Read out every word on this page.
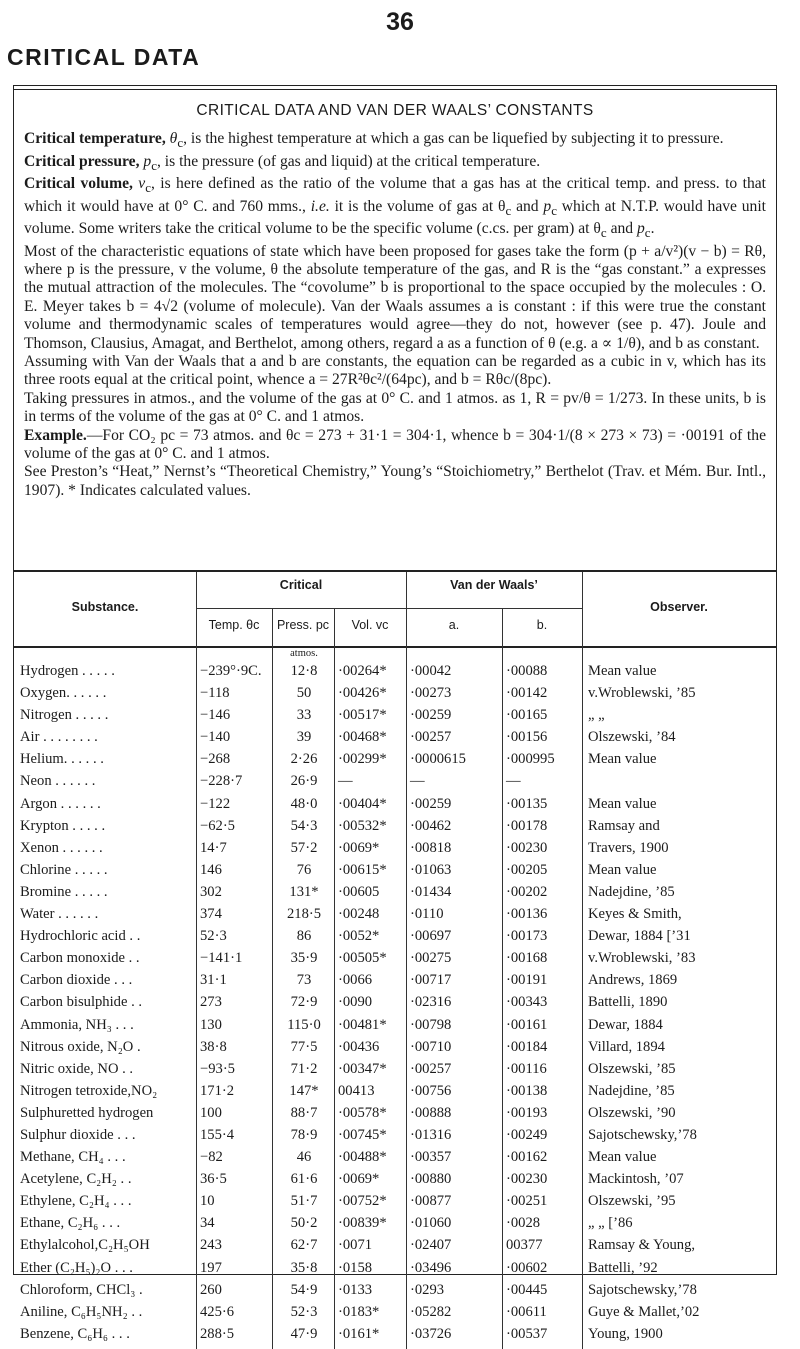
36
CRITICAL DATA
CRITICAL DATA AND VAN DER WAALS’ CONSTANTS

Critical temperature, $\theta_c$, is the highest temperature at which a gas can be liquefied by subjecting it to pressure.

Critical pressure, $p_c$, is the pressure (of gas and liquid) at the critical temperature.

Critical volume, $v_c$, is here defined as the ratio of the volume that a gas has at the critical temp. and press. to that which it would have at 0° C. and 760 mms., i.e. it is the volume of gas at $\theta_c$ and $p_c$ which at N.T.P. would have unit volume. Some writers take the critical volume to be the specific volume (c.cs. per gram) at $\theta_c$ and $p_c$.

Most of the characteristic equations of state which have been proposed for gases take the form (p + a/v²)(v − b) = Rθ, where p is the pressure, v the volume, θ the absolute temperature of the gas, and R is the “gas constant.” a expresses the mutual attraction of the molecules. The “covolume” b is proportional to the space occupied by the molecules : O. E. Meyer takes b = 4√2 (volume of molecule). Van der Waals assumes a is constant : if this were true the constant volume and thermodynamic scales of temperatures would agree—they do not, however (see p. 47). Joule and Thomson, Clausius, Amagat, and Berthelot, among others, regard a as a function of θ (e.g. a ∝ 1/θ), and b as constant.

Assuming with Van der Waals that a and b are constants, the equation can be regarded as a cubic in v, which has its three roots equal at the critical point, whence a = 27R²θc²/(64pc), and b = Rθc/(8pc).

Taking pressures in atmos., and the volume of the gas at 0° C. and 1 atmos. as 1, R = pv/θ = 1/273. In these units, b is in terms of the volume of the gas at 0° C. and 1 atmos.

Example.—For CO₂ pc = 73 atmos. and θc = 273 + 31·1 = 304·1, whence b = 304·1/(8 × 273 × 73) = ·00191 of the volume of the gas at 0° C. and 1 atmos.

See Preston’s “Heat,” Nernst’s “Theoretical Chemistry,” Young’s “Stoichiometry,” Berthelot (Trav. et Mém. Bur. Intl., 1907). * Indicates calculated values.

Substance.
Critical	Van der Waals’
Observer.
Temp. θc	Press. pc	Vol. vc	a.	b.
atmos.
Hydrogen . . . . .	−239°·9C.	12·8	·00264* ·00042	·00088	Mean value
Oxygen. . . . . .	−118	50	·00426* ·00273	·00142	v.Wroblewski, ’85
Nitrogen . . . . .	−146	33	·00517* ·00259	·00165	„ „
Air . . . . . . . .	−140	39	·00468* ·00257	·00156	Olszewski, ’84
Helium. . . . . .	−268	2·26	·00299* ·0000615	·000995 Mean value
Neon . . . . . .	−228·7	26·9	—	—	—
Argon . . . . . .	−122	48·0	·00404* ·00259	·00135	Mean value
Krypton . . . . .	−62·5	54·3	·00532* ·00462	·00178	Ramsay and
Xenon . . . . . .	14·7	57·2	·0069* ·00818	·00230	Travers, 1900
Chlorine . . . . .	146	76	·00615* ·01063	·00205	Mean value
Bromine . . . . .	302	131*	·00605 ·01434	·00202	Nadejdine, ’85
Water . . . . . .	374	218·5	·00248 ·0110	·00136	Keyes & Smith,
Hydrochloric acid . .	52·3	86	·0052* ·00697	·00173	Dewar, 1884 [’31
Carbon monoxide . .	−141·1	35·9	·00505* ·00275	·00168	v.Wroblewski, ’83
Carbon dioxide . . .	31·1	73	·0066	·00717	·00191	Andrews, 1869
Carbon bisulphide . .	273	72·9	·0090	·02316	·00343	Battelli, 1890
Ammonia, NH₃ . . .	130	115·0	·00481* ·00798	·00161	Dewar, 1884
Nitrous oxide, N₂O .	38·8	77·5	·00436 ·00710	·00184	Villard, 1894
Nitric oxide, NO . .	−93·5	71·2	·00347* ·00257	·00116	Olszewski, ’85
Nitrogen tetroxide,NO₂	171·2	147*	00413 ·00756	·00138	Nadejdine, ’85
Sulphuretted hydrogen	100	88·7	·00578* ·00888	·00193	Olszewski, ’90
Sulphur dioxide . . .	155·4	78·9	·00745* ·01316	·00249	Sajotschewsky,’78
Methane, CH₄ . . .	−82	46	·00488* ·00357	·00162	Mean value
Acetylene, C₂H₂ . .	36·5	61·6	·0069* ·00880	·00230	Mackintosh, ’07
Ethylene, C₂H₄ . . .	10	51·7	·00752* ·00877	·00251	Olszewski, ’95
Ethane, C₂H₆ . . .	34	50·2	·00839* ·01060	·0028	„ „ [’86
Ethylalcohol,C₂H₅OH	243	62·7	·0071	·02407	00377	Ramsay & Young,
Ether (C₂H₅)₂O . . .	197	35·8	·0158	·03496	·00602	Battelli, ’92
Chloroform, CHCl₃ .	260	54·9	·0133	·0293	·00445	Sajotschewsky,’78
Aniline, C₆H₅NH₂ . .	425·6	52·3	·0183* ·05282	·00611	Guye & Mallet,’02
Benzene, C₆H₆ . . .	288·5	47·9	·0161* ·03726	·00537	Young, 1900
